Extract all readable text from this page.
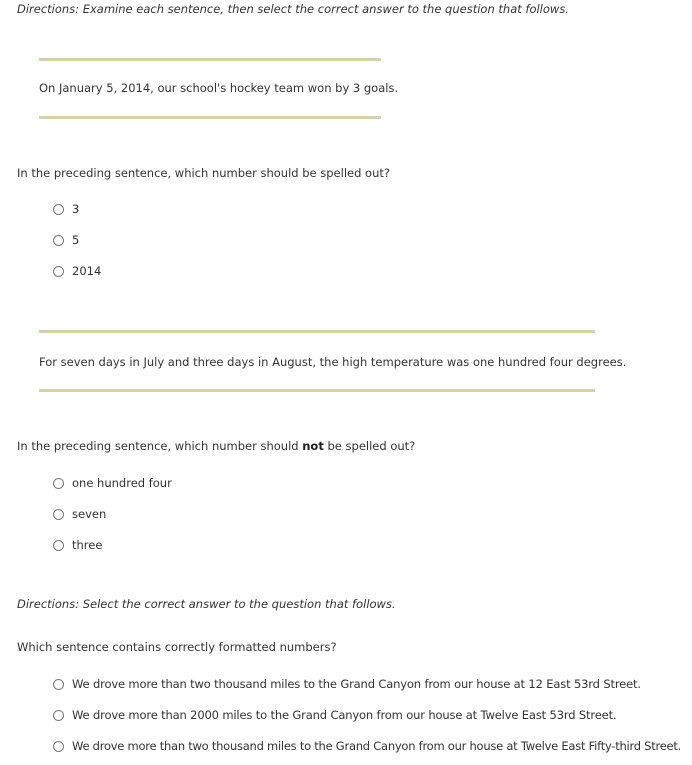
Directions: Examine each sentence, then select the correct answer to the question that follows.
On January 5, 2014, our school's hockey team won by 3 goals.
In the preceding sentence, which number should be spelled out?
3
5
2014
For seven days in July and three days in August, the high temperature was one hundred four degrees.
In the preceding sentence, which number should not be spelled out?
one hundred four
seven
three
Directions: Select the correct answer to the question that follows.
Which sentence contains correctly formatted numbers?
We drove more than two thousand miles to the Grand Canyon from our house at 12 East 53rd Street.
We drove more than 2000 miles to the Grand Canyon from our house at Twelve East 53rd Street.
We drove more than two thousand miles to the Grand Canyon from our house at Twelve East Fifty-third Street.
